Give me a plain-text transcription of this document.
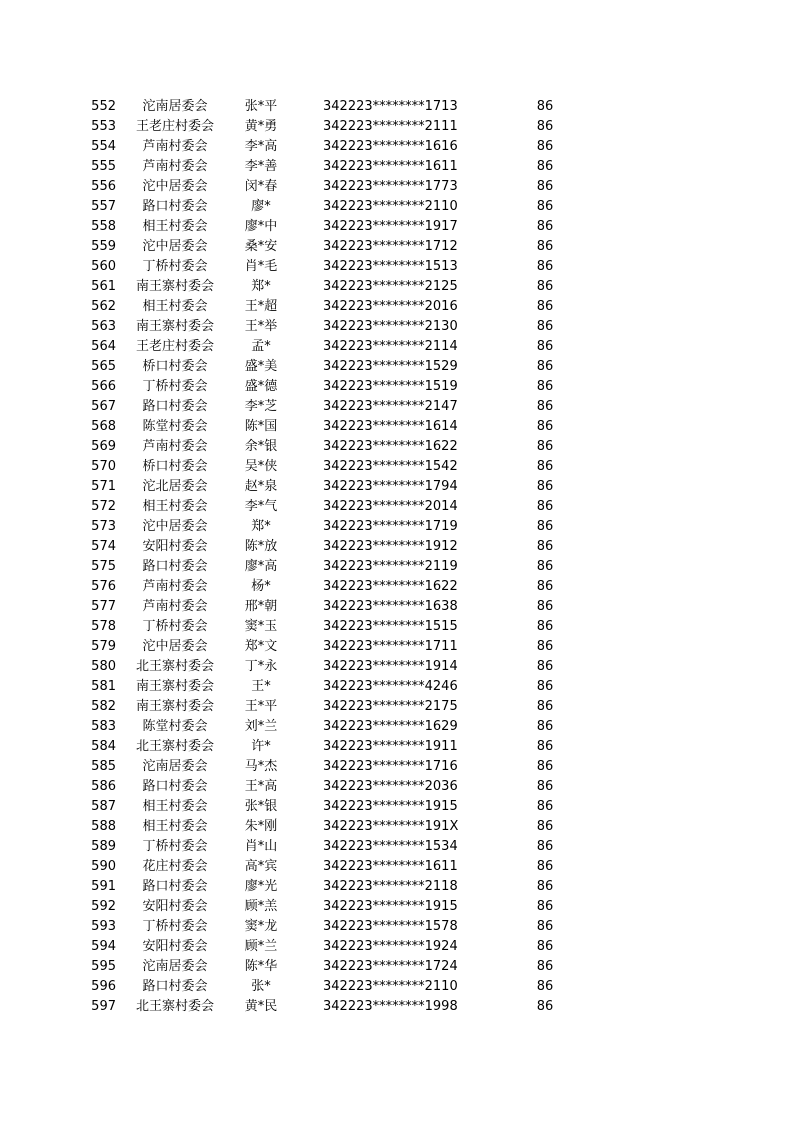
552	沱南居委会	张*平	342223********1713	86
553	王老庄村委会	黄*勇	342223********2111	86
554	芦南村委会	李*高	342223********1616	86
555	芦南村委会	李*善	342223********1611	86
556	沱中居委会	闵*春	342223********1773	86
557	路口村委会	廖*	342223********2110	86
558	相王村委会	廖*中	342223********1917	86
559	沱中居委会	桑*安	342223********1712	86
560	丁桥村委会	肖*毛	342223********1513	86
561	南王寨村委会	郑*	342223********2125	86
562	相王村委会	王*超	342223********2016	86
563	南王寨村委会	王*举	342223********2130	86
564	王老庄村委会	孟*	342223********2114	86
565	桥口村委会	盛*美	342223********1529	86
566	丁桥村委会	盛*德	342223********1519	86
567	路口村委会	李*芝	342223********2147	86
568	陈堂村委会	陈*国	342223********1614	86
569	芦南村委会	余*银	342223********1622	86
570	桥口村委会	吴*侠	342223********1542	86
571	沱北居委会	赵*泉	342223********1794	86
572	相王村委会	李*气	342223********2014	86
573	沱中居委会	郑*	342223********1719	86
574	安阳村委会	陈*放	342223********1912	86
575	路口村委会	廖*高	342223********2119	86
576	芦南村委会	杨*	342223********1622	86
577	芦南村委会	邢*朝	342223********1638	86
578	丁桥村委会	窦*玉	342223********1515	86
579	沱中居委会	郑*文	342223********1711	86
580	北王寨村委会	丁*永	342223********1914	86
581	南王寨村委会	王*	342223********4246	86
582	南王寨村委会	王*平	342223********2175	86
583	陈堂村委会	刘*兰	342223********1629	86
584	北王寨村委会	许*	342223********1911	86
585	沱南居委会	马*杰	342223********1716	86
586	路口村委会	王*高	342223********2036	86
587	相王村委会	张*银	342223********1915	86
588	相王村委会	朱*刚	342223********191X	86
589	丁桥村委会	肖*山	342223********1534	86
590	花庄村委会	高*宾	342223********1611	86
591	路口村委会	廖*光	342223********2118	86
592	安阳村委会	顾*羔	342223********1915	86
593	丁桥村委会	窦*龙	342223********1578	86
594	安阳村委会	顾*兰	342223********1924	86
595	沱南居委会	陈*华	342223********1724	86
596	路口村委会	张*	342223********2110	86
597	北王寨村委会	黄*民	342223********1998	86
